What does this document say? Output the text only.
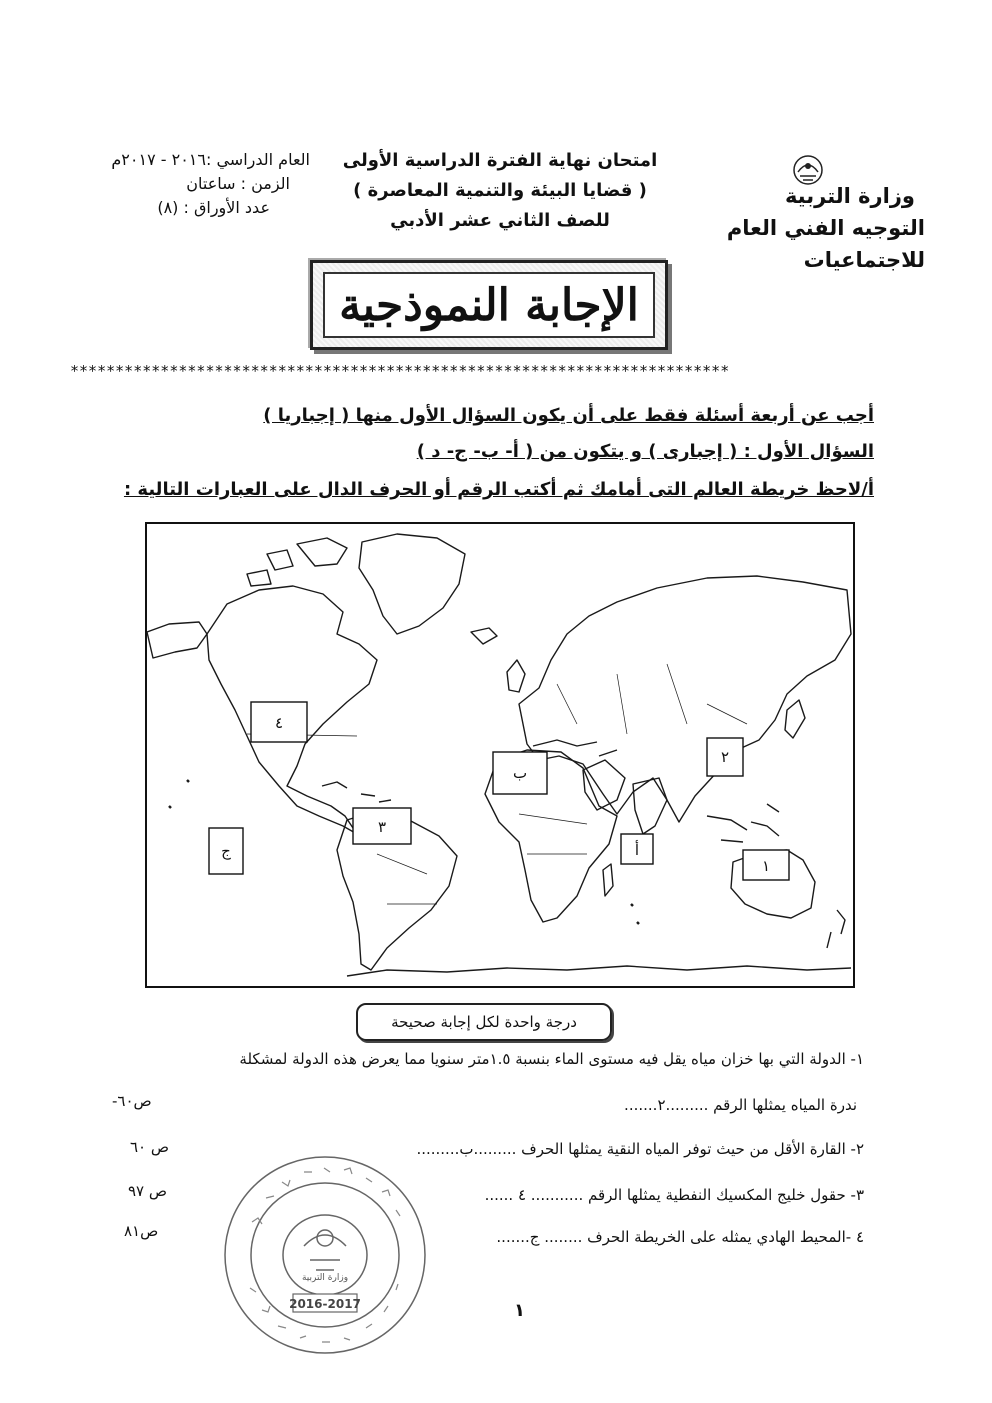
العام الدراسي :٢٠١٦ - ٢٠١٧م
الزمن : ساعتان
عدد الأوراق : (٨)
امتحان نهاية الفترة الدراسية الأولى
( قضايا البيئة والتنمية المعاصرة )
للصف الثاني عشر الأدبي
وزارة التربية
التوجيه الفني العام للاجتماعيات
الإجابة النموذجية
*************************************************************************
أجب عن أربعة أسئلة فقط على أن يكون السؤال الأول منها ( إجباريا )
السؤال الأول : ( إجبارى ) و يتكون من ( أ- ب- ج- د )
أ/لاحظ خريطة العالم التى أمامك ثم أكتب الرقم أو الحرف الدال على العبارات التالية :
٤
ب
٢
٣
ج	أ
١
درجة واحدة لكل إجابة صحيحة
١- الدولة التي بها خزان مياه يقل فيه مستوى الماء بنسبة ١.٥متر سنويا مما يعرض هذه الدولة لمشكلة
ندرة المياه يمثلها الرقم .........٢.......
ص٦٠-
٢- القارة الأقل من حيث توفر المياه النقية يمثلها الحرف .........ب.........
ص ٦٠
٣- حقول خليج المكسيك النفطية يمثلها الرقم ........... ٤ ......
ص ٩٧
٤ -المحيط الهادي يمثله على الخريطة الحرف ........ ج.......
ص٨١
وزارة التربية
2016-2017	١
